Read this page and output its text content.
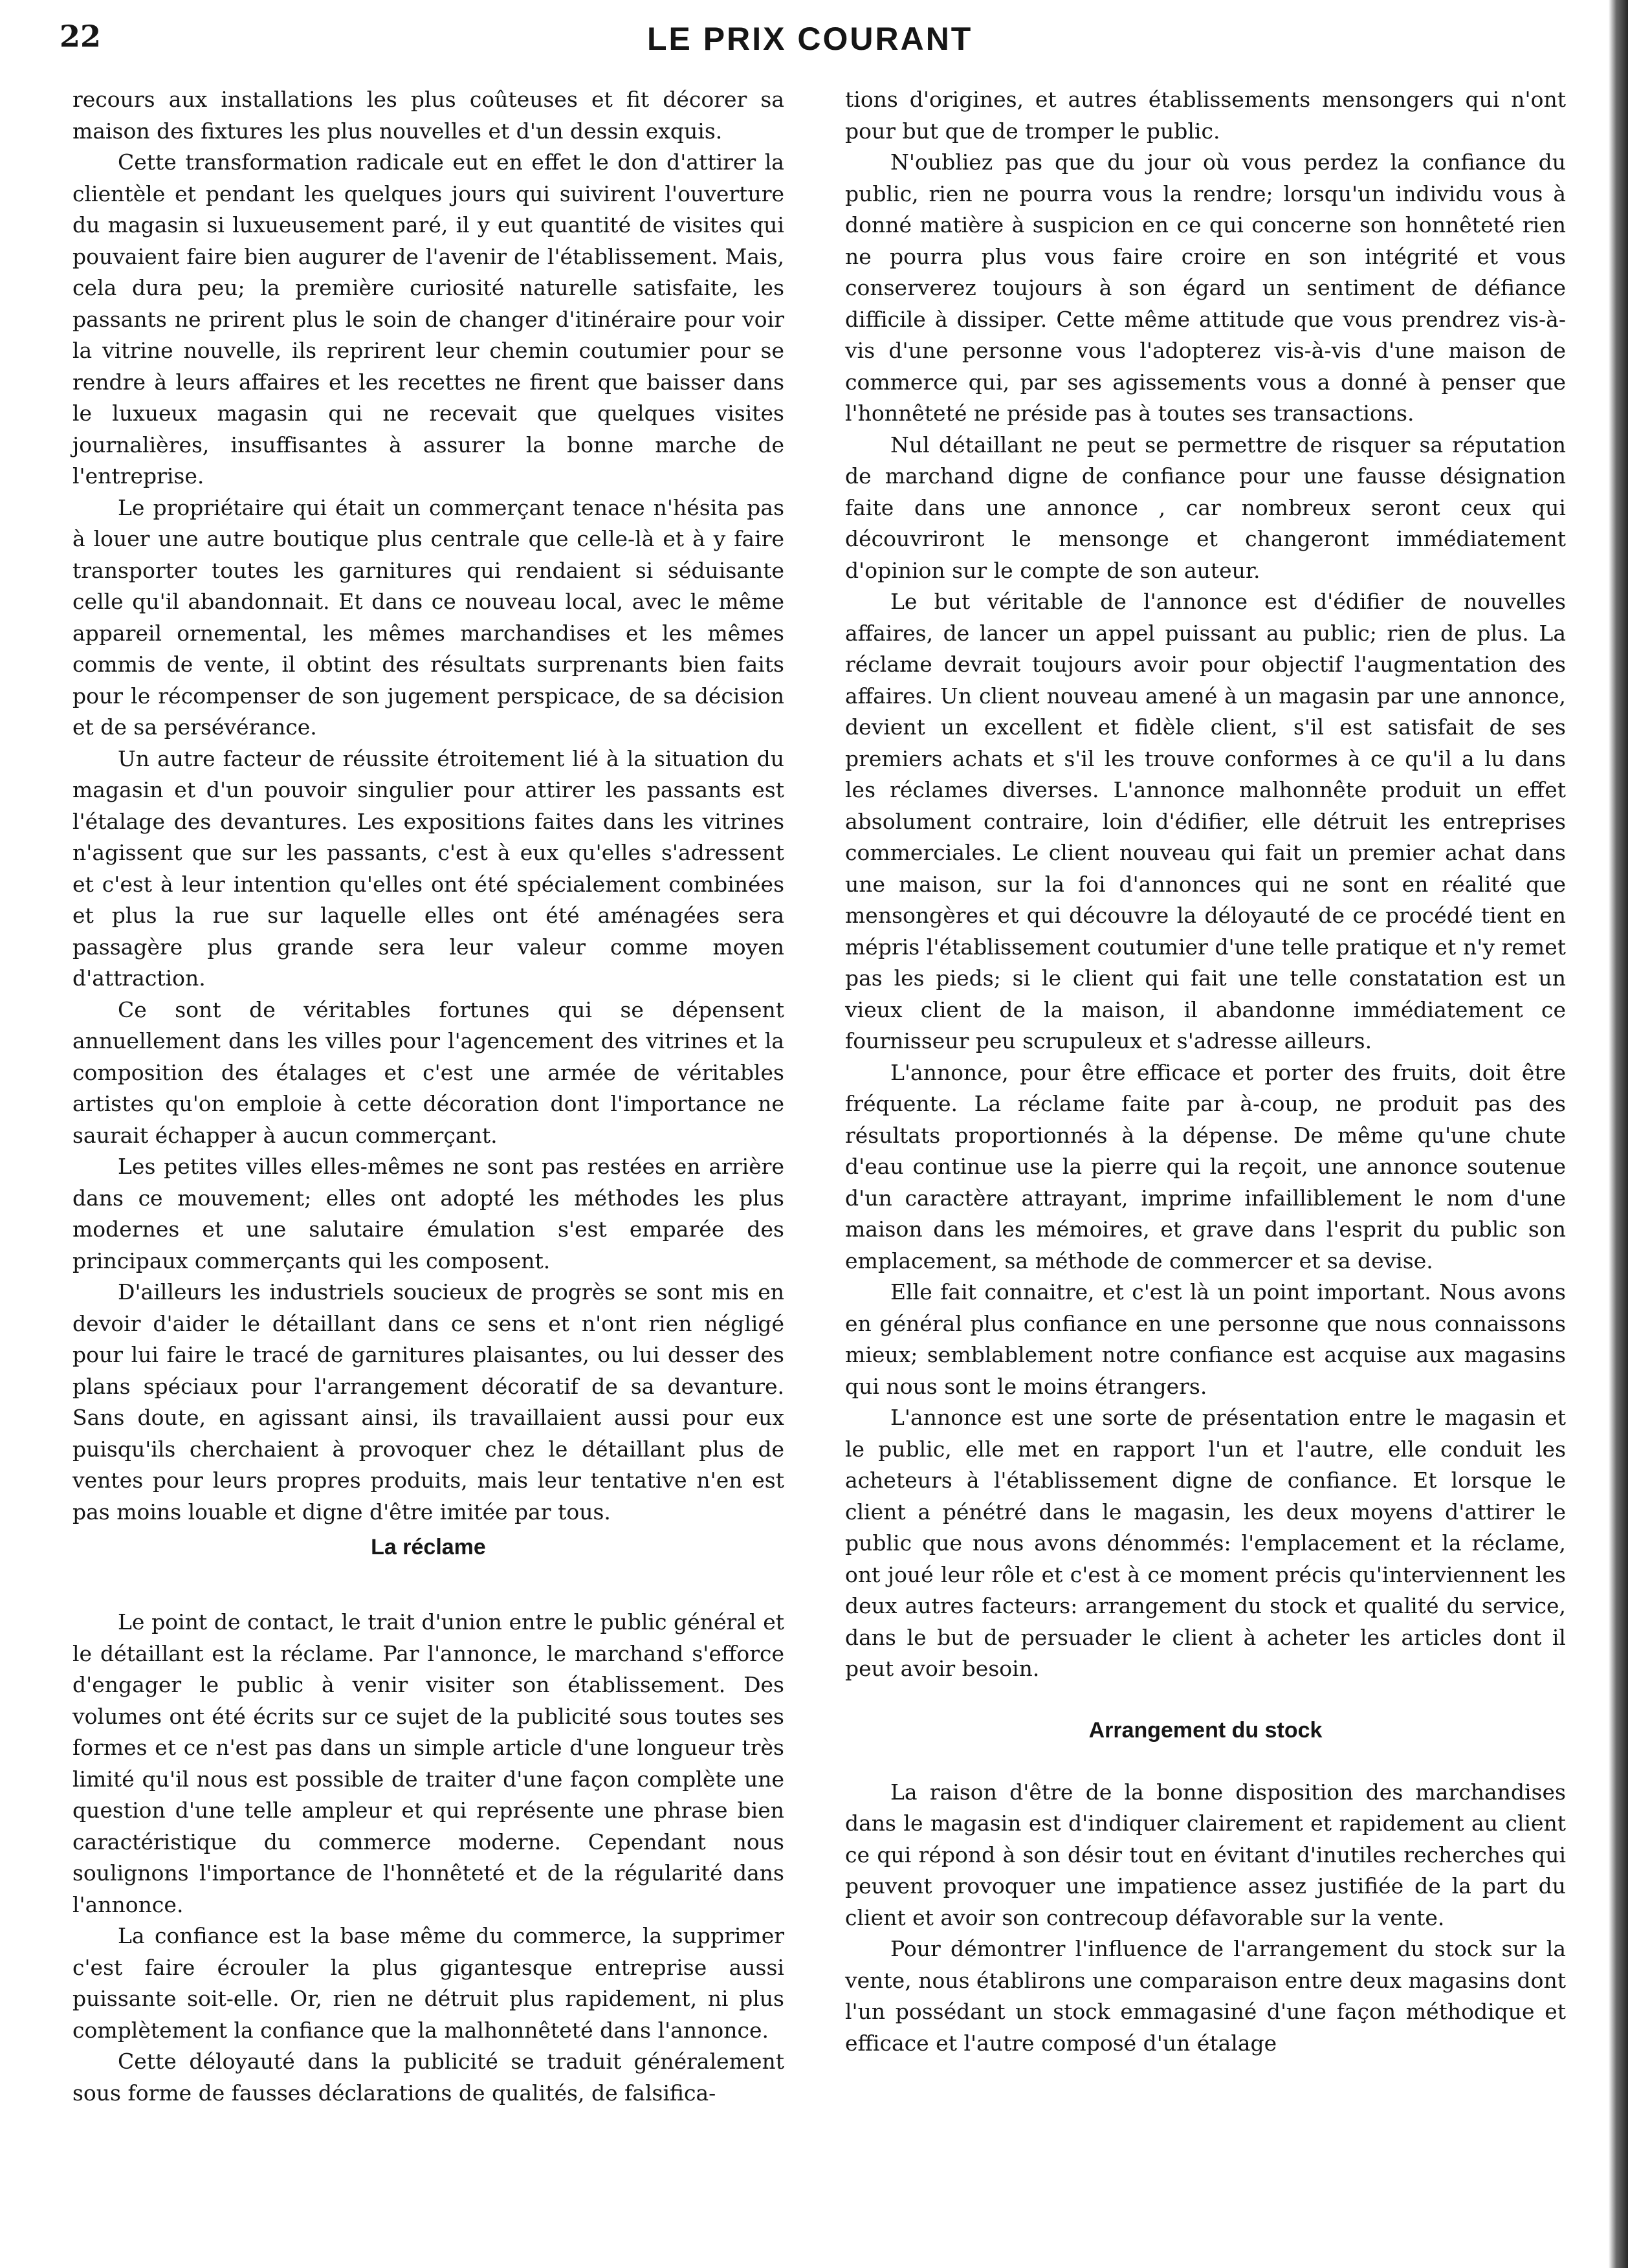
22	LE PRIX COURANT

recours aux installations les plus coûteuses et fit décorer sa maison des fixtures les plus nouvelles et d'un dessin exquis.

Cette transformation radicale eut en effet le don d'attirer la clientèle et pendant les quelques jours qui suivirent l'ouverture du magasin si luxueusement paré, il y eut quantité de visites qui pouvaient faire bien augurer de l'avenir de l'établissement. Mais, cela dura peu; la première curiosité naturelle satisfaite, les passants ne prirent plus le soin de changer d'itinéraire pour voir la vitrine nouvelle, ils reprirent leur chemin coutumier pour se rendre à leurs affaires et les recettes ne firent que baisser dans le luxueux magasin qui ne recevait que quelques visites journalières, insuffisantes à assurer la bonne marche de l'entreprise.

Le propriétaire qui était un commerçant tenace n'hésita pas à louer une autre boutique plus centrale que celle-là et à y faire transporter toutes les garnitures qui rendaient si séduisante celle qu'il abandonnait. Et dans ce nouveau local, avec le même appareil ornemental, les mêmes marchandises et les mêmes commis de vente, il obtint des résultats surprenants bien faits pour le récompenser de son jugement perspicace, de sa décision et de sa persévérance.

Un autre facteur de réussite étroitement lié à la situation du magasin et d'un pouvoir singulier pour attirer les passants est l'étalage des devantures. Les expositions faites dans les vitrines n'agissent que sur les passants, c'est à eux qu'elles s'adressent et c'est à leur intention qu'elles ont été spécialement combinées et plus la rue sur laquelle elles ont été aménagées sera passagère plus grande sera leur valeur comme moyen d'attraction.

Ce sont de véritables fortunes qui se dépensent annuellement dans les villes pour l'agencement des vitrines et la composition des étalages et c'est une armée de véritables artistes qu'on emploie à cette décoration dont l'importance ne saurait échapper à aucun commerçant.

Les petites villes elles-mêmes ne sont pas restées en arrière dans ce mouvement; elles ont adopté les méthodes les plus modernes et une salutaire émulation s'est emparée des principaux commerçants qui les composent.

D'ailleurs les industriels soucieux de progrès se sont mis en devoir d'aider le détaillant dans ce sens et n'ont rien négligé pour lui faire le tracé de garnitures plaisantes, ou lui desser des plans spéciaux pour l'arrangement décoratif de sa devanture. Sans doute, en agissant ainsi, ils travaillaient aussi pour eux puisqu'ils cherchaient à provoquer chez le détaillant plus de ventes pour leurs propres produits, mais leur tentative n'en est pas moins louable et digne d'être imitée par tous.

La réclame

Le point de contact, le trait d'union entre le public général et le détaillant est la réclame. Par l'annonce, le marchand s'efforce d'engager le public à venir visiter son établissement. Des volumes ont été écrits sur ce sujet de la publicité sous toutes ses formes et ce n'est pas dans un simple article d'une longueur très limité qu'il nous est possible de traiter d'une façon complète une question d'une telle ampleur et qui représente une phrase bien caractéristique du commerce moderne. Cependant nous soulignons l'importance de l'honnêteté et de la régularité dans l'annonce.

La confiance est la base même du commerce, la supprimer c'est faire écrouler la plus gigantesque entreprise aussi puissante soit-elle. Or, rien ne détruit plus rapidement, ni plus complètement la confiance que la malhonnêteté dans l'annonce.

Cette déloyauté dans la publicité se traduit généralement sous forme de fausses déclarations de qualités, de falsifica-

tions d'origines, et autres établissements mensongers qui n'ont pour but que de tromper le public.

N'oubliez pas que du jour où vous perdez la confiance du public, rien ne pourra vous la rendre; lorsqu'un individu vous à donné matière à suspicion en ce qui concerne son honnêteté rien ne pourra plus vous faire croire en son intégrité et vous conserverez toujours à son égard un sentiment de défiance difficile à dissiper. Cette même attitude que vous prendrez vis-à-vis d'une personne vous l'adopterez vis-à-vis d'une maison de commerce qui, par ses agissements vous a donné à penser que l'honnêteté ne préside pas à toutes ses transactions.

Nul détaillant ne peut se permettre de risquer sa réputation de marchand digne de confiance pour une fausse désignation faite dans une annonce , car nombreux seront ceux qui découvriront le mensonge et changeront immédiatement d'opinion sur le compte de son auteur.

Le but véritable de l'annonce est d'édifier de nouvelles affaires, de lancer un appel puissant au public; rien de plus. La réclame devrait toujours avoir pour objectif l'augmentation des affaires. Un client nouveau amené à un magasin par une annonce, devient un excellent et fidèle client, s'il est satisfait de ses premiers achats et s'il les trouve conformes à ce qu'il a lu dans les réclames diverses. L'annonce malhonnête produit un effet absolument contraire, loin d'édifier, elle détruit les entreprises commerciales. Le client nouveau qui fait un premier achat dans une maison, sur la foi d'annonces qui ne sont en réalité que mensongères et qui découvre la déloyauté de ce procédé tient en mépris l'établissement coutumier d'une telle pratique et n'y remet pas les pieds; si le client qui fait une telle constatation est un vieux client de la maison, il abandonne immédiatement ce fournisseur peu scrupuleux et s'adresse ailleurs.

L'annonce, pour être efficace et porter des fruits, doit être fréquente. La réclame faite par à-coup, ne produit pas des résultats proportionnés à la dépense. De même qu'une chute d'eau continue use la pierre qui la reçoit, une annonce soutenue d'un caractère attrayant, imprime infailliblement le nom d'une maison dans les mémoires, et grave dans l'esprit du public son emplacement, sa méthode de commercer et sa devise.

Elle fait connaitre, et c'est là un point important. Nous avons en général plus confiance en une personne que nous connaissons mieux; semblablement notre confiance est acquise aux magasins qui nous sont le moins étrangers.

L'annonce est une sorte de présentation entre le magasin et le public, elle met en rapport l'un et l'autre, elle conduit les acheteurs à l'établissement digne de confiance. Et lorsque le client a pénétré dans le magasin, les deux moyens d'attirer le public que nous avons dénommés: l'emplacement et la réclame, ont joué leur rôle et c'est à ce moment précis qu'interviennent les deux autres facteurs: arrangement du stock et qualité du service, dans le but de persuader le client à acheter les articles dont il peut avoir besoin.

Arrangement du stock

La raison d'être de la bonne disposition des marchandises dans le magasin est d'indiquer clairement et rapidement au client ce qui répond à son désir tout en évitant d'inutiles recherches qui peuvent provoquer une impatience assez justifiée de la part du client et avoir son contrecoup défavorable sur la vente.

Pour démontrer l'influence de l'arrangement du stock sur la vente, nous établirons une comparaison entre deux magasins dont l'un possédant un stock emmagasiné d'une façon méthodique et efficace et l'autre composé d'un étalage
